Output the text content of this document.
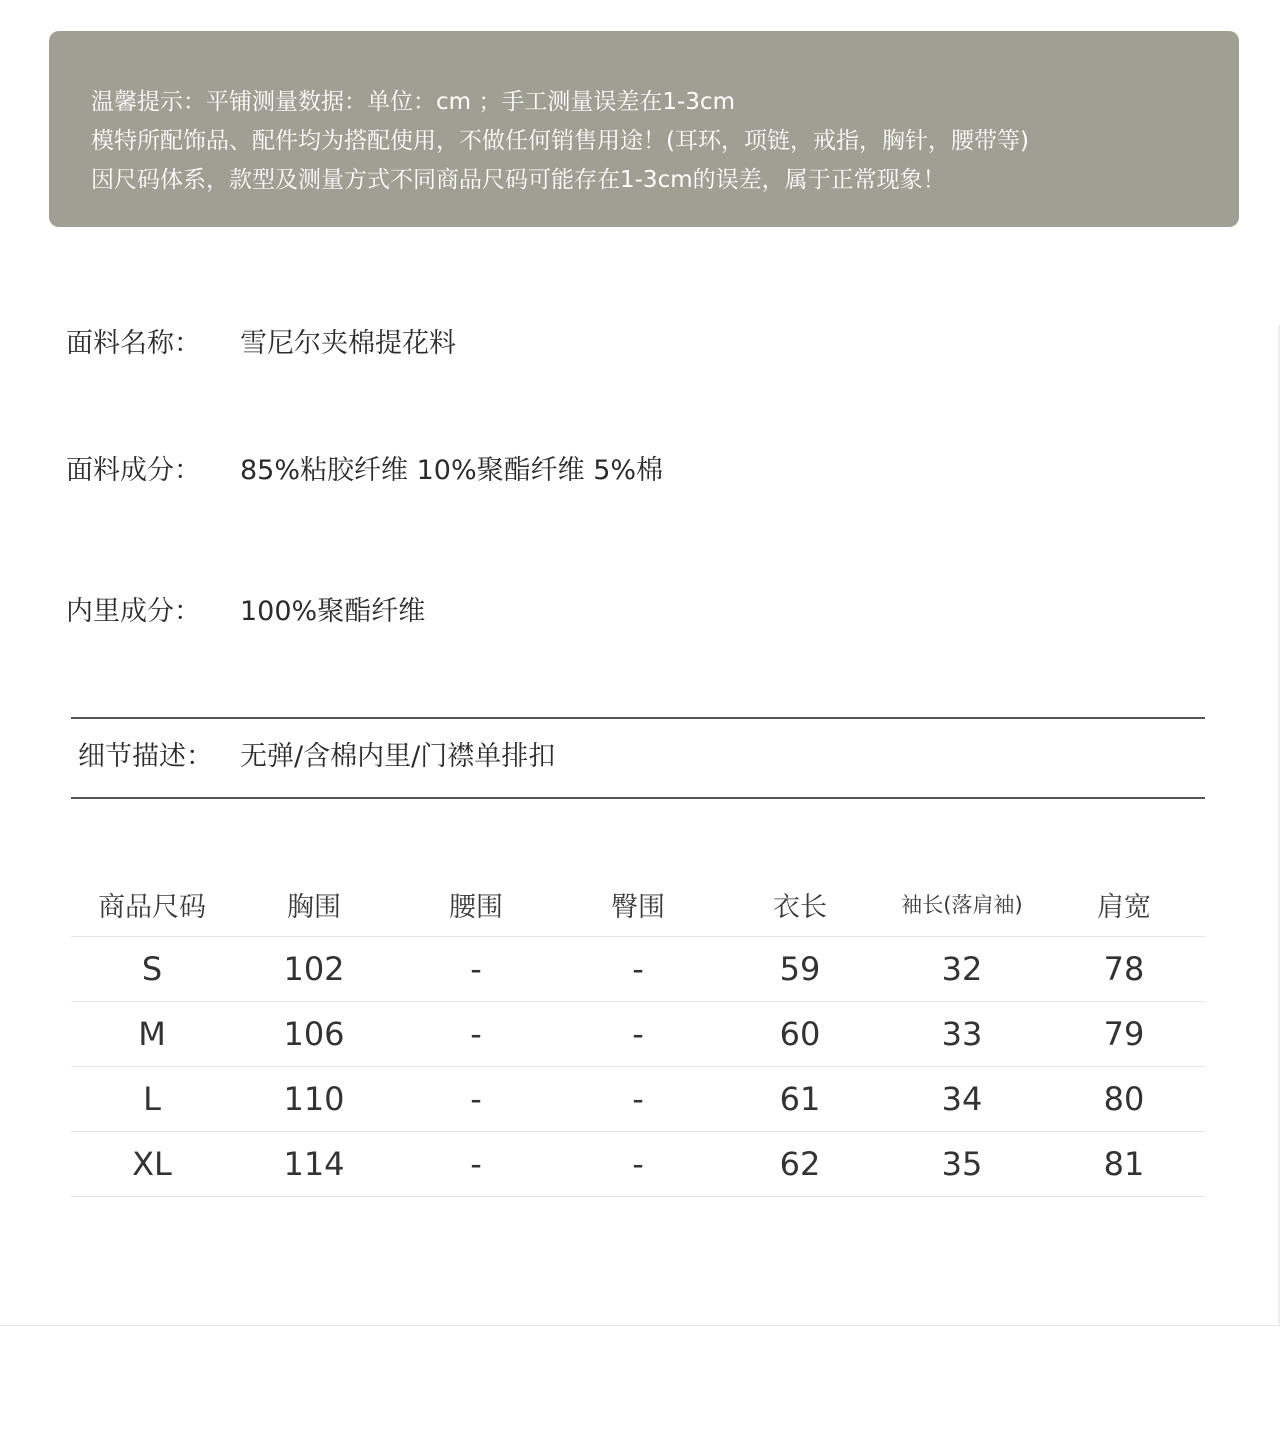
温馨提示：平铺测量数据：单位：cm ；手工测量误差在1-3cm
模特所配饰品、配件均为搭配使用，不做任何销售用途！(耳环，项链，戒指，胸针，腰带等)
因尺码体系，款型及测量方式不同商品尺码可能存在1-3cm的误差，属于正常现象！
面料名称： 雪尼尔夹棉提花料
面料成分： 85%粘胶纤维 10%聚酯纤维 5%棉
内里成分： 100%聚酯纤维
细节描述： 无弹/含棉内里/门襟单排扣
商品尺码	胸围	腰围	臀围	衣长	袖长(落肩袖)	肩宽
S	102	-	-	59	32	78
M	106	-	-	60	33	79
L	110	-	-	61	34	80
XL	114	-	-	62	35	81
